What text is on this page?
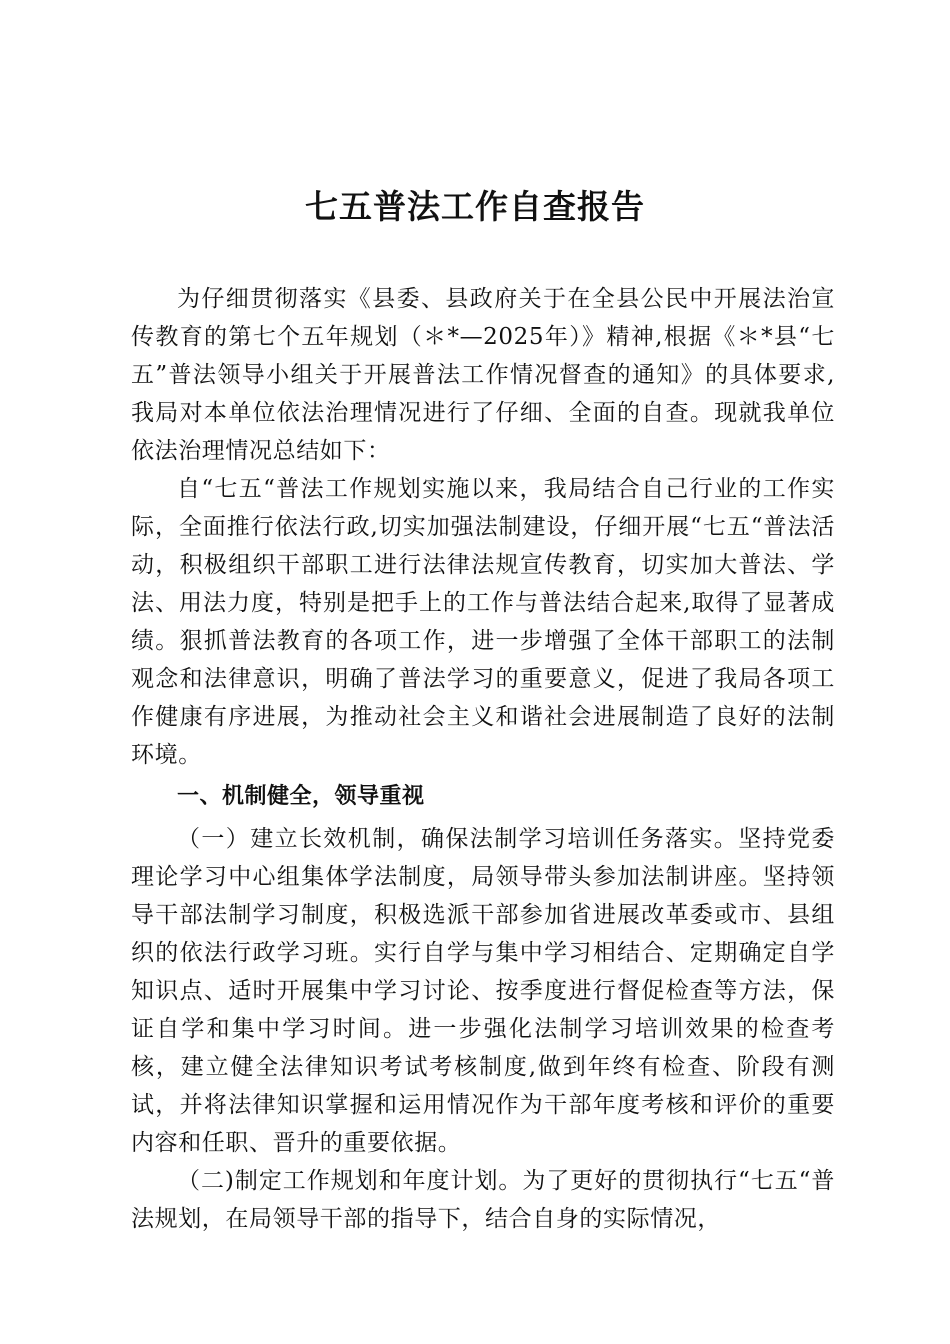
七五普法工作自查报告

为仔细贯彻落实《县委、县政府关于在全县公民中开展法治宣传教育的第七个五年规划（＊*—2025年）》精神,根据《＊*县“七五”普法领导小组关于开展普法工作情况督查的通知》的具体要求,我局对本单位依法治理情况进行了仔细、全面的自查。现就我单位依法治理情况总结如下：

自“七五“普法工作规划实施以来，我局结合自己行业的工作实际，全面推行依法行政,切实加强法制建设，仔细开展“七五“普法活动，积极组织干部职工进行法律法规宣传教育，切实加大普法、学法、用法力度，特别是把手上的工作与普法结合起来,取得了显著成绩。狠抓普法教育的各项工作，进一步增强了全体干部职工的法制观念和法律意识，明确了普法学习的重要意义，促进了我局各项工作健康有序进展，为推动社会主义和谐社会进展制造了良好的法制环境。

一、机制健全，领导重视

（一）建立长效机制，确保法制学习培训任务落实。坚持党委理论学习中心组集体学法制度，局领导带头参加法制讲座。坚持领导干部法制学习制度，积极选派干部参加省进展改革委或市、县组织的依法行政学习班。实行自学与集中学习相结合、定期确定自学知识点、适时开展集中学习讨论、按季度进行督促检查等方法，保证自学和集中学习时间。进一步强化法制学习培训效果的检查考核，建立健全法律知识考试考核制度,做到年终有检查、阶段有测试，并将法律知识掌握和运用情况作为干部年度考核和评价的重要内容和任职、晋升的重要依据。

（二)制定工作规划和年度计划。为了更好的贯彻执行“七五“普法规划，在局领导干部的指导下，结合自身的实际情况，
